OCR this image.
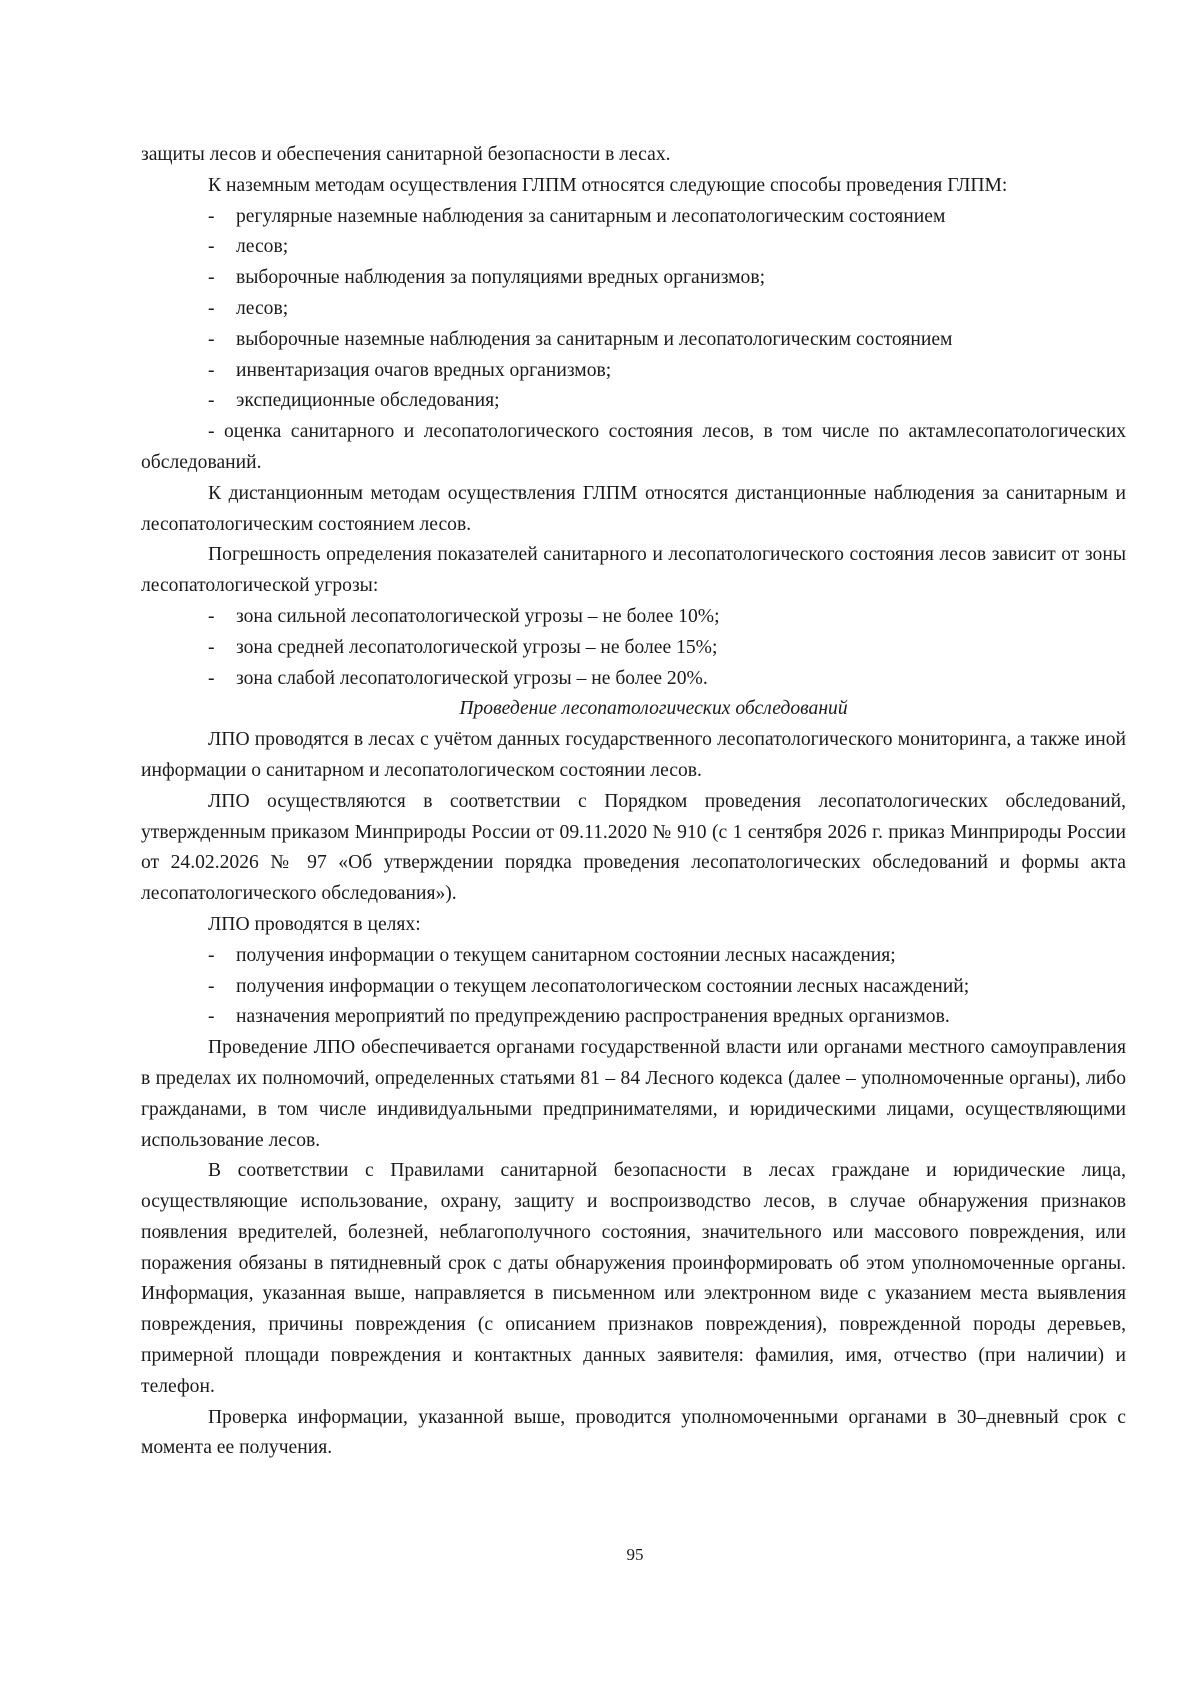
защиты лесов и обеспечения санитарной безопасности в лесах.

К наземным методам осуществления ГЛПМ относятся следующие способы проведения ГЛПМ:

-	регулярные наземные наблюдения за санитарным и лесопатологическим состоянием
-	лесов;
-	выборочные наблюдения за популяциями вредных организмов;
-	лесов;
-	выборочные наземные наблюдения за санитарным и лесопатологическим состоянием
-	инвентаризация очагов вредных организмов;
-	экспедиционные обследования;

- оценка санитарного и лесопатологического состояния лесов, в том числе по актамлесопатологических обследований.

К дистанционным методам осуществления ГЛПМ относятся дистанционные наблюдения за санитарным и лесопатологическим состоянием лесов.

Погрешность определения показателей санитарного и лесопатологического состояния лесов зависит от зоны лесопатологической угрозы:

-	зона сильной лесопатологической угрозы – не более 10%;
-	зона средней лесопатологической угрозы – не более 15%;
-	зона слабой лесопатологической угрозы – не более 20%.

Проведение лесопатологических обследований

ЛПО проводятся в лесах с учётом данных государственного лесопатологического мониторинга, а также иной информации о санитарном и лесопатологическом состоянии лесов.

ЛПО осуществляются в соответствии с Порядком проведения лесопатологических обследований, утвержденным приказом Минприроды России от 09.11.2020 № 910 (с 1 сентября 2026 г. приказ Минприроды России от 24.02.2026 № 97 «Об утверждении порядка проведения лесопатологических обследований и формы акта лесопатологического обследования»).

ЛПО проводятся в целях:

-	получения информации о текущем санитарном состоянии лесных насаждения;
-	получения информации о текущем лесопатологическом состоянии лесных насаждений;
-	назначения мероприятий по предупреждению распространения вредных организмов.

Проведение ЛПО обеспечивается органами государственной власти или органами местного самоуправления в пределах их полномочий, определенных статьями 81 – 84 Лесного кодекса (далее – уполномоченные органы), либо гражданами, в том числе индивидуальными предпринимателями, и юридическими лицами, осуществляющими использование лесов.

В соответствии с Правилами санитарной безопасности в лесах граждане и юридические лица, осуществляющие использование, охрану, защиту и воспроизводство лесов, в случае обнаружения признаков появления вредителей, болезней, неблагополучного состояния, значительного или массового повреждения, или поражения обязаны в пятидневный срок с даты обнаружения проинформировать об этом уполномоченные органы. Информация, указанная выше, направляется в письменном или электронном виде с указанием места выявления повреждения, причины повреждения (с описанием признаков повреждения), поврежденной породы деревьев, примерной площади повреждения и контактных данных заявителя: фамилия, имя, отчество (при наличии) и телефон.

Проверка информации, указанной выше, проводится уполномоченными органами в 30–дневный срок с момента ее получения.

95
